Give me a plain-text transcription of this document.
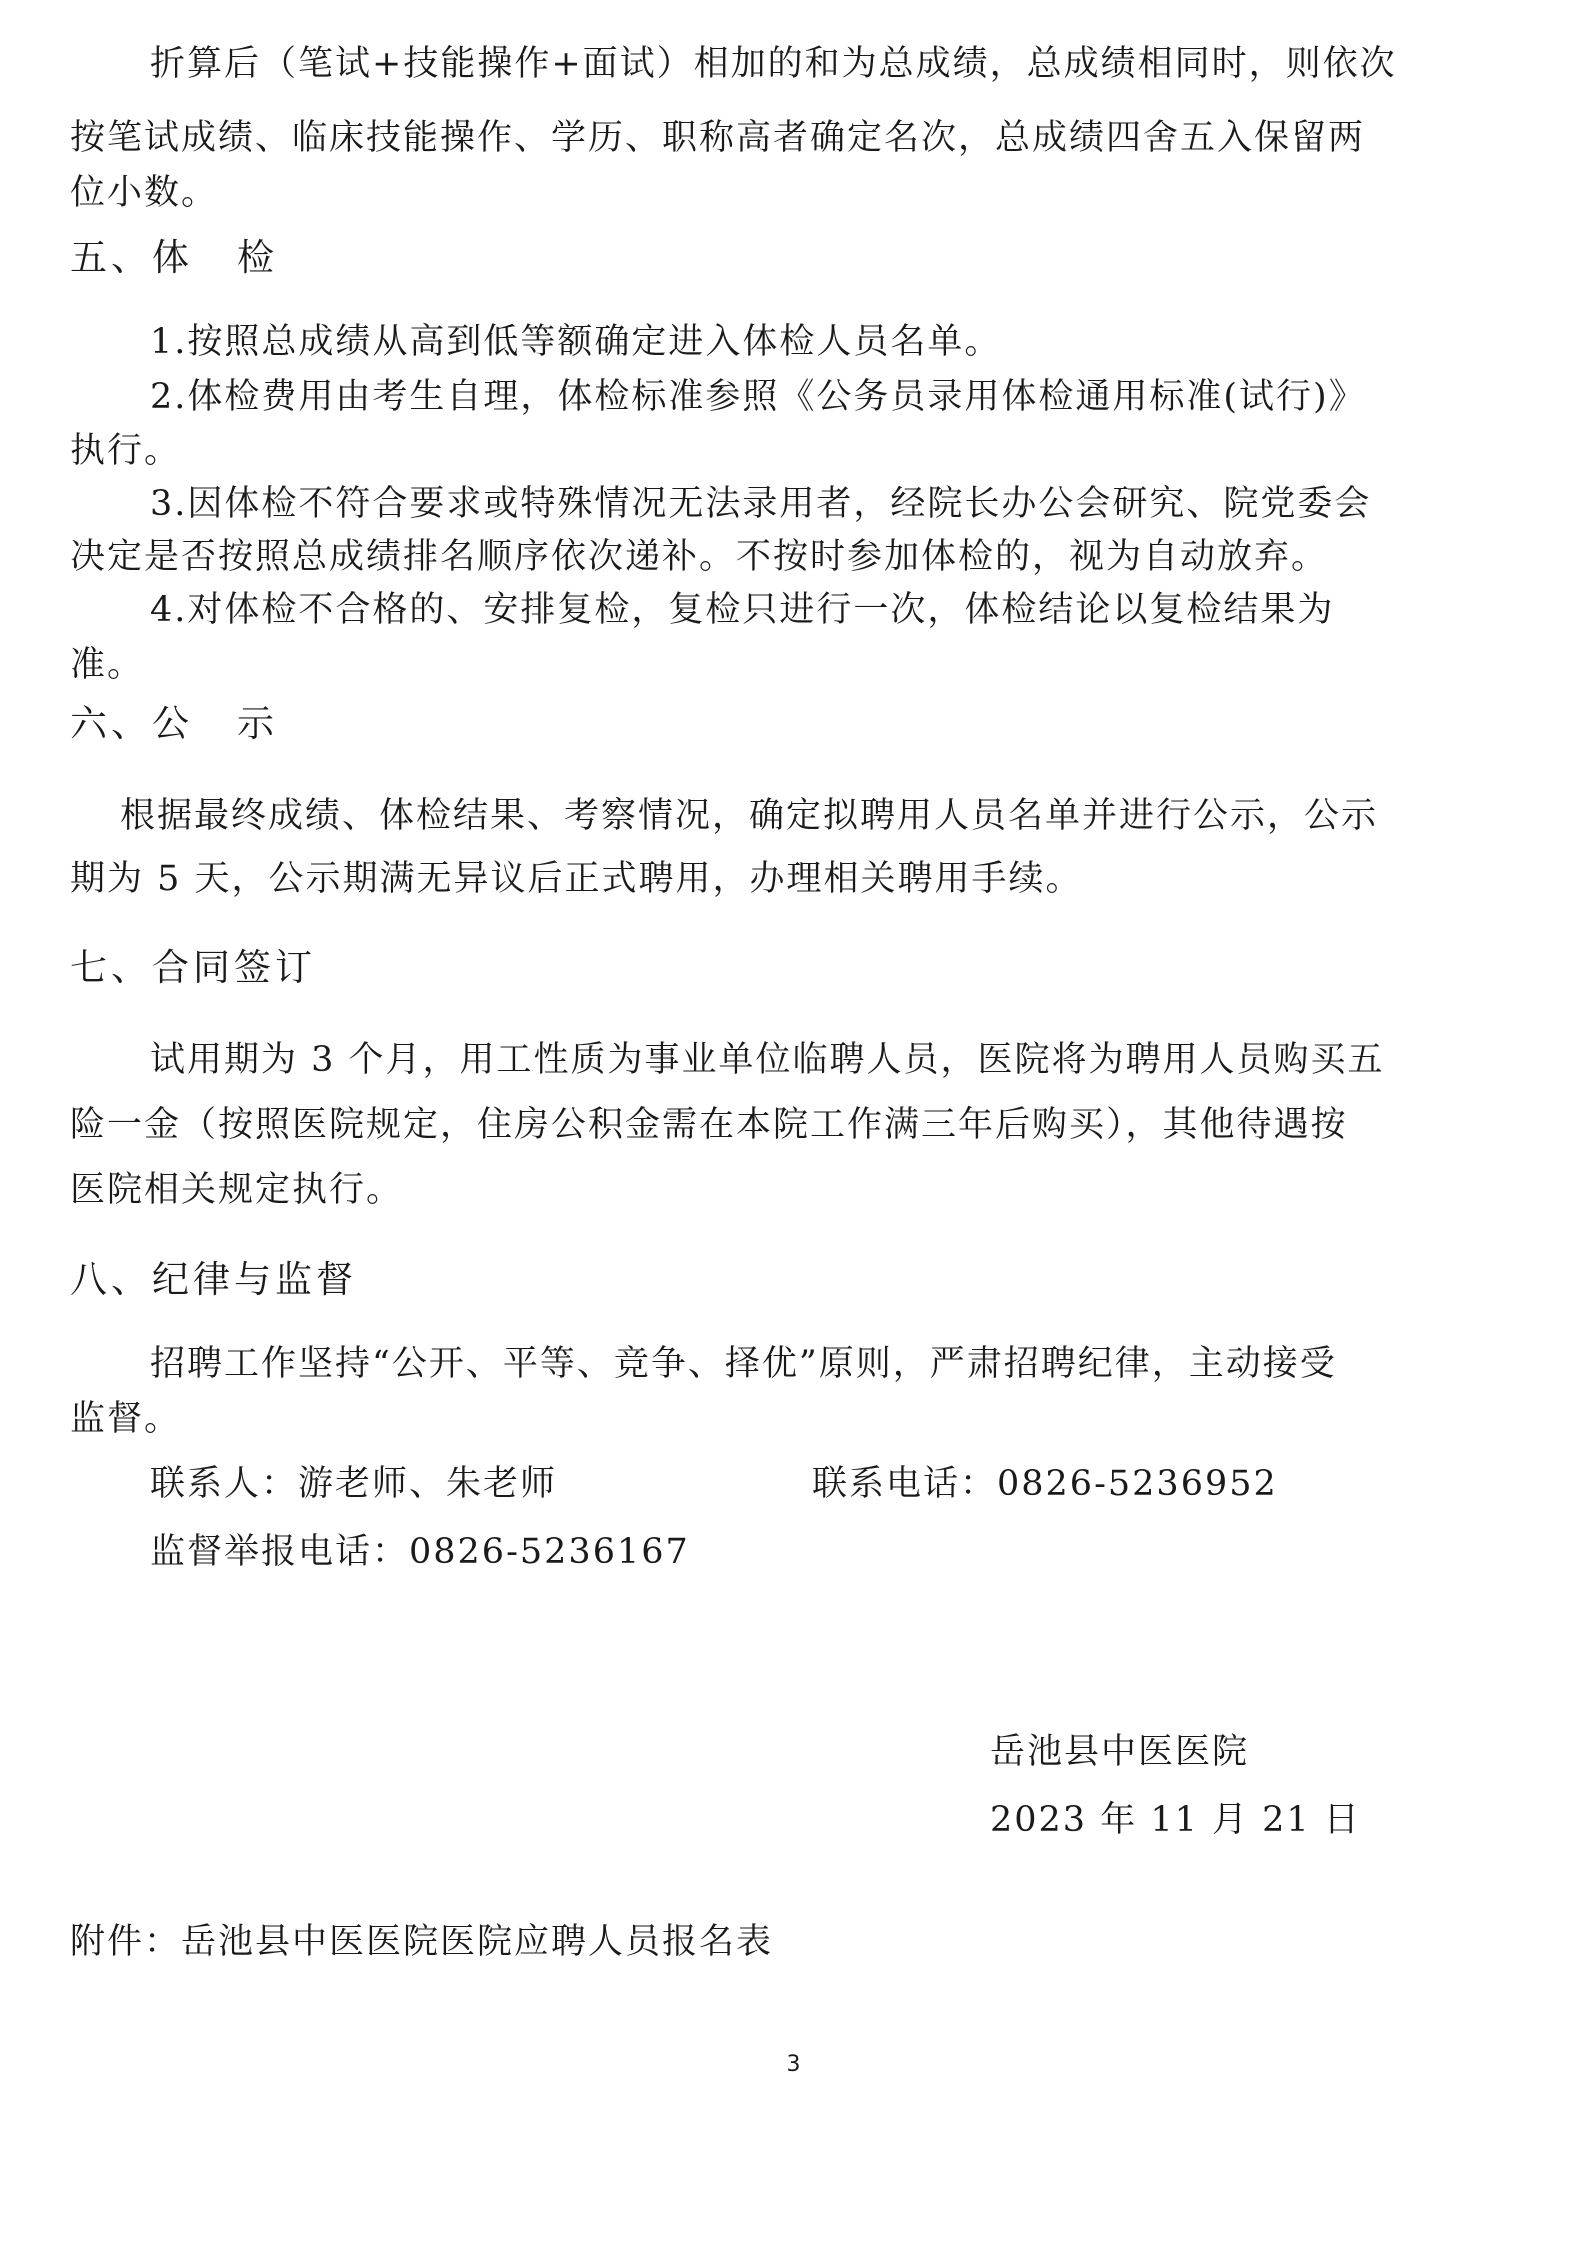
折算后（笔试+技能操作+面试）相加的和为总成绩，总成绩相同时，则依次
按笔试成绩、临床技能操作、学历、职称高者确定名次，总成绩四舍五入保留两
位小数。
五、体 检
1.按照总成绩从高到低等额确定进入体检人员名单。
2.体检费用由考生自理，体检标准参照《公务员录用体检通用标准(试行)》
执行。
3.因体检不符合要求或特殊情况无法录用者，经院长办公会研究、院党委会
决定是否按照总成绩排名顺序依次递补。不按时参加体检的，视为自动放弃。
4.对体检不合格的、安排复检，复检只进行一次，体检结论以复检结果为
准。
六、公 示
根据最终成绩、体检结果、考察情况，确定拟聘用人员名单并进行公示，公示
期为 5 天，公示期满无异议后正式聘用，办理相关聘用手续。
七、合同签订
试用期为 3 个月，用工性质为事业单位临聘人员，医院将为聘用人员购买五
险一金（按照医院规定，住房公积金需在本院工作满三年后购买），其他待遇按
医院相关规定执行。
八、纪律与监督
招聘工作坚持“公开、平等、竞争、择优”原则，严肃招聘纪律，主动接受
监督。
联系人：游老师、朱老师	联系电话：0826-5236952
监督举报电话：0826-5236167
岳池县中医医院
2023 年 11 月 21 日
附件：岳池县中医医院医院应聘人员报名表
3
